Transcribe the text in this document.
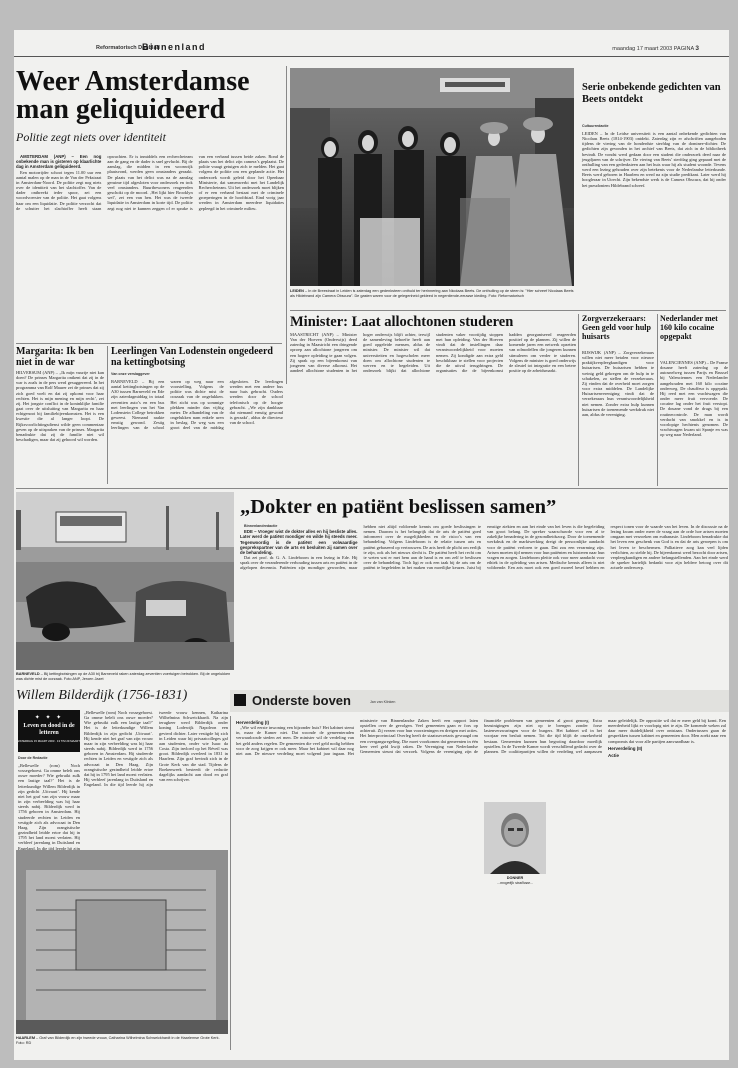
Reformatorisch Dagblad
Binnenland	maandag 17 maart 2003 PAGINA 3
Weer Amsterdamse man geliquideerd
Politie zegt niets over identiteit

AMSTERDAM (ANP) – Een nog onbekende man is gisteren op klaarlichte dag in Amsterdam geliquideerd.

Een motorrijder schoot tegen 11.00 uur een aantal malen op de man in de Van der Pekstraat in Amsterdam-Noord. De politie zegt nog niets over de identiteit van het slachtoffer. Van de dader ontbreekt ieder spoor, zei een woordvoerster van de politie. Het gaat volgens haar om een liquidatie. De politie verzocht dat de schutter het slachtoffer heeft staan opwachten. Er is inmiddels een rechercheteam aan de gang en de dader is snel gevlucht. Bij de aanslag, die midden in een woonwijk plaatsvond, werden geen omstanders geraakt. De plaats van het delict was na de aanslag geruime tijd afgesloten voor onderzoek en trok veel omstanders. Buurtbewoners reageerden geschokt op de moord. ‚Het lijkt hier Brooklyn wel’, zei een van hen. Het was de tweede liquidatie in Amsterdam in korte tijd. De politie zegt nog niet te kunnen zeggen of er sprake is van een verband tussen beide zaken. Rond de plaats van het delict zijn camera’s geplaatst. De politie vraagt getuigen zich te melden. Het gaat volgens de politie om een geplande actie. Het onderzoek wordt geleid door het Openbaar Ministerie, dat samenwerkt met het Landelijk Rechercheteam. Uit het onderzoek moet blijken of er een verband bestaat met de criminele groeperingen in de hoofdstad. Eind vorig jaar werden in Amsterdam meerdere liquidaties gepleegd in het criminele milieu.

LEIDEN – In de Breestraat in Leiden is zaterdag een gedenksteen onthuld ter herinnering aan Nicolaas Beets. De onthulling op de steen is: "Hier schreef Nicolaas Beets als Hildebrand zijn Camera Obscura". De gasten waren voor de gelegenheid gekleed in negentiende-eeuwse kleding. Foto: Reformatorisch
Serie onbekende gedichten van Beets ontdekt
Cultuurredactie
LEIDEN – In de Leidse universiteit is een aantal onbekende gedichten van Nicolaas Beets (1814-1903) ontdekt. Zaterdag zijn er afschriften aangeboden tijdens de viering van de honderdste sterfdag van de dominee-dichter. De gedichten zijn gevonden in het archief van Beets, dat zich in de bibliotheek bevindt. De vondst werd gedaan door een student die onderzoek deed naar de jeugdjaren van de schrijver. De viering van Beets’ sterfdag ging gepaard met de onthulling van een gedenksteen aan het huis waar hij als student woonde. Tevens werd een lezing gehouden over zijn betekenis voor de Nederlandse letterkunde. Beets werd geboren in Haarlem en werd na zijn studie predikant. Later werd hij hoogleraar in Utrecht. Zijn bekendste werk is de Camera Obscura, dat hij onder het pseudoniem Hildebrand schreef.
Minister: Laat allochtonen studeren
MAASTRICHT (ANP) – Minister Van der Hoeven (Onderwijs) deed zaterdag in Maastricht een dringende oproep aan allochtone jongeren om een hogere opleiding te gaan volgen. Zij sprak op een bijeenkomst van jongeren van diverse afkomst. Het aandeel allochtone studenten in het hoger onderwijs blijft achter, terwijl de samenleving behoefte heeft aan goed opgeleide mensen, aldus de minister. De minister wil dat universiteiten en hogescholen meer doen om allochtone studenten te werven en te begeleiden. Uit onderzoek blijkt dat allochtone studenten vaker voortijdig stoppen met hun opleiding. Van der Hoeven vindt dat de instellingen daar verantwoordelijkheid voor moeten nemen. Zij kondigde aan extra geld beschikbaar te stellen voor projecten die de uitval terugdringen. De organisaties die de bijeenkomst hadden georganiseerd reageerden positief op de plannen. Zij willen de komende jaren een netwerk opzetten van rolmodellen die jongeren kunnen stimuleren om verder te studeren. Volgens de minister is goed onderwijs de sleutel tot integratie en een betere positie op de arbeidsmarkt.
Zorgverzekeraars: Geen geld voor hulp huisarts
RIJSWIJK (ANP) – Zorgverzekeraars willen niet meer betalen voor nieuwe praktijkverpleegkundigen voor huisartsen. De huisartsen hebben te weinig geld gekregen om de hulp in te schakelen, zo stellen de verzekeraars. Zij vinden dat de overheid moet zorgen voor extra middelen. De Landelijke Huisartsenvereniging vindt dat de verzekeraars hun verantwoordelijkheid niet nemen. Zonder extra hulp kunnen huisartsen de toenemende werkdruk niet aan, aldus de vereniging.
Nederlander met 160 kilo cocaïne opgepakt
VALENCIENNES (ANP) – De Franse douane heeft zaterdag op de autosnelweg tussen Parijs en Brussel bij Valenciennes een Nederlander aangehouden met 160 kilo cocaïne onderweg. De chauffeur is opgepakt. Hij reed met een vrachtwagen die onder meer fruit vervoerde. De cocaïne lag onder het fruit verstopt. De douane vond de drugs bij een routinecontrole. De man wordt verdacht van smokkel en is in voorlopige hechtenis genomen. De vrachtwagen kwam uit Spanje en was op weg naar Nederland.
Margarita: Ik ben niet in de war
HILVERSUM (ANP) – „Ik mijn vuurtje niet kan doen? De prinses Margarita ontkent dat zij in de war is zoals in de pers werd gesuggereerd. In het programma van Rolf Maurer zei de prinses dat zij zich goed voelt en dat zij opkomt voor haar rechten. Het is mijn mening en mijn recht’, zei zij. Het jongste conflict in de koninklijke familie gaat over de uitsluiting van Margarita en haar echtgenoot bij familiebijeenkomsten. Het is een kwestie die al langer loopt. De Rijksvoorlichtingsdienst wilde geen commentaar geven op de uitspraken van de prinses. Margarita benadrukte dat zij de familie niet wil beschadigen, maar dat zij gehoord wil worden.
Leerlingen Van Lodenstein ongedeerd na kettingbotsing
Van onze verslaggever
BARNEVELD – Bij een aantal kettingbotsingen op de A30 tussen Barneveld en Ede zijn zaterdagmiddag in totaal zeventien auto’s en een bus met leerlingen van het Van Lodenstein College betrokken geweest. Niemand raakte ernstig gewond. Zestig leerlingen van de school waren op weg naar een voorstelling. Volgens de politie was dichte mist de oorzaak van de ongelukken. Het zicht was op sommige plekken minder dan vijftig meter. De afhandeling van de ongelukken nam enkele uren in beslag. De weg was een groot deel van de middag afgesloten. De leerlingen werden met een andere bus naar huis gebracht. Ouders werden door de school telefonisch op de hoogte gebracht. „We zijn dankbaar dat niemand ernstig gewond is geraakt’, aldus de directeur van de school.
BARNEVELD – Bij kettingbotsingen op de A30 bij Barneveld raken zaterdag zeventien voertuigen betrokken. Bij de ongelukken was dichte mist de oorzaak. Foto ANP, Jeroen Jazet
„Dokter en patiënt beslissen samen”

Binnenlandredactie

EDE – Vroeger wist de dokter alles en hij besliste alles. Later werd de patiënt mondiger en wilde hij steeds meer. Tegenwoordig is de patiënt een volwaardige gesprekspartner van de arts en besluiten zij samen over de behandeling.

Dat zei prof. dr. G. A. Lindeboom in een lezing in Ede. Hij sprak over de veranderende verhouding tussen arts en patiënt in de afgelopen decennia. Patiënten zijn mondiger geworden, maar hebben niet altijd voldoende kennis om goede beslissingen te nemen. Daarom is het belangrijk dat de arts de patiënt goed informeert over de mogelijkheden en de risico’s van een behandeling. Volgens Lindeboom is de relatie tussen arts en patiënt gebaseerd op vertrouwen. De arts heeft de plicht om eerlijk te zijn, ook als het nieuws slecht is. De patiënt heeft het recht om te weten wat er met hem aan de hand is en om zelf te beslissen over de behandeling. Toch ligt er ook een taak bij de arts om de patiënt te begeleiden in het maken van moeilijke keuzes. Juist bij ernstige ziekten en aan het einde van het leven is die begeleiding van groot belang. De spreker waarschuwde voor een al te zakelijke benadering in de gezondheidszorg. Door de toenemende werkdruk en de marktwerking dreigt de persoonlijke aandacht voor de patiënt verloren te gaan. Dat zou een verarming zijn. Artsen moeten tijd nemen voor hun patiënten en luisteren naar hun vragen en zorgen. Lindeboom pleitte ook voor meer aandacht voor ethiek in de opleiding van artsen. Medische kennis alleen is niet voldoende. Een arts moet ook een goed moreel besef hebben en respect tonen voor de waarde van het leven. In de discussie na de lezing kwam onder meer de vraag aan de orde hoe artsen moeten omgaan met verzoeken om euthanasie. Lindeboom benadrukte dat het leven een geschenk van God is en dat de arts geroepen is om het leven te beschermen. Palliatieve zorg kan veel lijden verlichten, zo stelde hij. De bijeenkomst werd bezocht door artsen, verpleegkundigen en andere belangstellenden. Aan het einde werd de spreker hartelijk bedankt voor zijn heldere betoog over dit actuele onderwerp.

Onderste boven	Jan van Klinken
Willem Bilderdijk (1756-1831)
✦ ✦ ✦
Leven en dood in de letteren
ZATERDAG 15 MAART 2003 · 13 T/M 29 MAART
Door de Redactie
„Bellewelle (rom) Noch vossegehoest. Ga omme belelt ons ouwe moeder? Wie gebruikt zulk een lastige taal?’ Het is de letterkundige Willem Bilderdijk in zijn gedicht ‚Uitvaart’. Hij kende niet het graf van zijn vrouw maar in zijn verbeelding was hij haar steeds nabij. Bilderdijk werd in 1756 geboren in Amsterdam. Hij studeerde rechten in Leiden en vestigde zich als advocaat in Den Haag. Zijn orangistische gezindheid leidde ertoe dat hij in 1795 het land moest verlaten. Hij verbleef jarenlang in Duitsland en Engeland. In die tijd leerde hij zijn
„Bellewelle (rom) Noch vossegehoest. Ga omme belelt ons ouwe moeder? Wie gebruikt zulk een lastige taal?’ Het is de letterkundige Willem Bilderdijk in zijn gedicht ‚Uitvaart’. Hij kende niet het graf van zijn vrouw maar in zijn verbeelding was hij haar steeds nabij. Bilderdijk werd in 1756 geboren in Amsterdam. Hij studeerde rechten in Leiden en vestigde zich als advocaat in Den Haag. Zijn orangistische gezindheid leidde ertoe dat hij in 1795 het land moest verlaten. Hij verbleef jarenlang in Duitsland en Engeland. In die tijd leerde hij zijn tweede vrouw kennen, Katharina Wilhelmina Schweickhardt. Na zijn terugkeer werd Bilderdijk onder koning Lodewijk Napoleon een gevierd dichter. Later vestigde hij zich in Leiden waar hij privaatcolleges gaf aan studenten, onder wie Isaac da Costa. Zijn invloed op het Réveil was groot. Bilderdijk overleed in 1831 in Haarlem. Zijn graf bevindt zich in de Grote Kerk van die stad. Tijdens de Boekenweek besteedt de redactie dagelijks aandacht aan dood en graf van een schrijver.
HAARLEM – Graf van Bilderdijk en zijn tweede vrouw, Catharina Wilhelmina Schweickhardt in de Haarlemse Grote Kerk. Foto: RD
Herverdeling (I)

„Wie wil eerste inwoning een bijzonder huis? Het kabinet stemt in, maar de Kamer niet. Dat woonde de gemeenteraden verwaarloosde steden zei men. De minister wil de verdeling van het geld anders regelen. De gemeenten die veel geld nodig hebben voor de zorg krijgen er ook meer. Maar het kabinet wil daar nog niet aan. De nieuwe verdeling moet volgend jaar ingaan. Het ministerie van Binnenlandse Zaken heeft een rapport laten opstellen over de gevolgen. Veel gemeenten gaan er fors op achteruit. Zij vrezen voor hun voorzieningen en dreigen met acties. Het Interprovinciaal Overleg heeft de staatssecretaris gevraagd om een overgangsregeling. Die moet voorkomen dat gemeenten in één keer veel geld kwijt raken. De Vereniging van Nederlandse Gemeenten steunt dat verzoek. Volgens de vereniging zijn de financiële problemen van gemeenten al groot genoeg. Extra bezuinigingen zijn niet op te brengen zonder forse lastenverzwaringen voor de burgers. Het kabinet wil in het voorjaar een besluit nemen. Tot die tijd blijft de onzekerheid bestaan. Gemeenten kunnen hun begroting daardoor moeilijk opstellen. In de Tweede Kamer wordt verschillend gedacht over de plannen. De coalitiepartijen willen de verdeling wel aanpassen maar geleidelijk. De oppositie wil dat er meer geld bij komt. Een meerderheid lijkt er voorlopig niet te zijn. De komende weken zal daar meer duidelijkheid over ontstaan. Ondertussen gaan de gesprekken tussen kabinet en gemeenten door. Men zoekt naar een compromis dat voor alle partijen aanvaardbaar is.

Herverdeling (II)
Actie
DONNER
...mogelijk strafbaar...
